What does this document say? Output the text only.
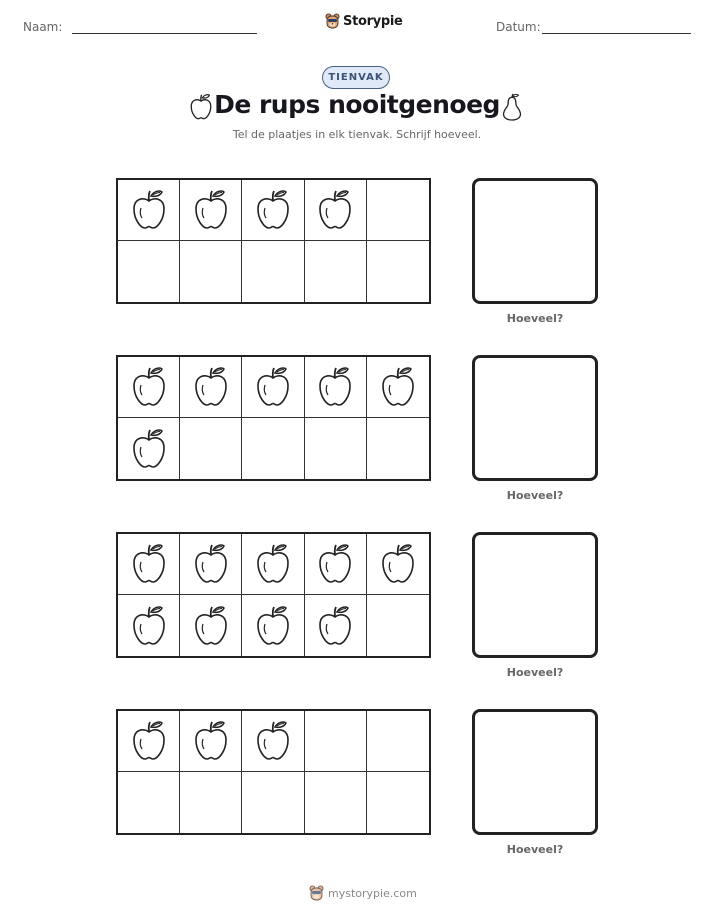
Naam:	Storypie	Datum:
TIENVAK
De rups nooitgenoeg
Tel de plaatjes in elk tienvak. Schrijf hoeveel.
Hoeveel?
Hoeveel?
Hoeveel?
Hoeveel?
mystorypie.com
